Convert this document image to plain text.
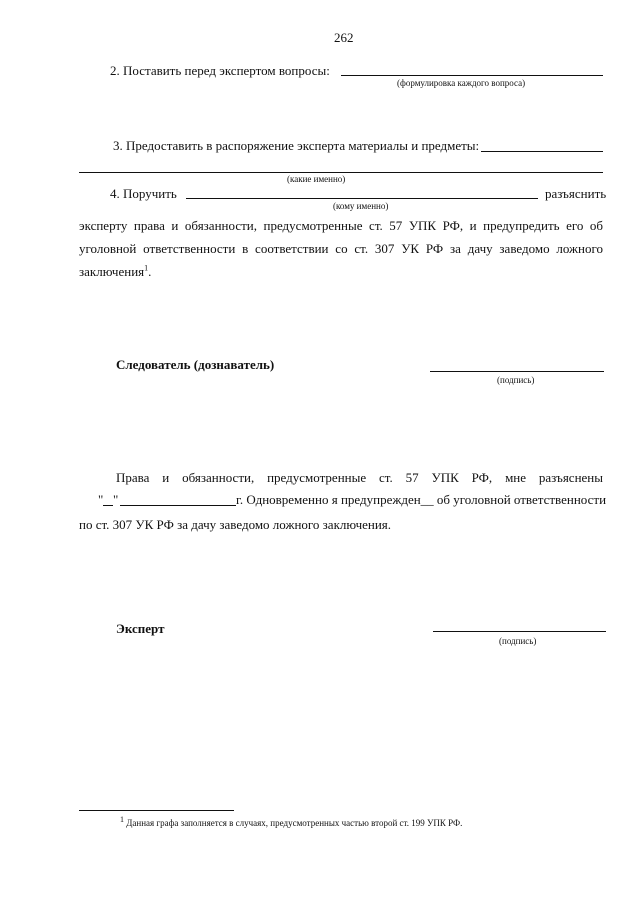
262
2. Поставить перед экспертом вопросы:
(формулировка каждого вопроса)
3. Предоставить в распоряжение эксперта материалы и предметы:
(какие именно)
4. Поручить	разъяснить
(кому именно)
эксперту права и обязанности, предусмотренные ст. 57 УПК РФ, и предупредить его об
уголовной ответственности в соответствии со ст. 307 УК РФ за дачу заведомо ложного
заключения$^1$.
Следователь (дознаватель)
(подпись)
Права и обязанности, предусмотренные ст. 57 УПК РФ, мне разъяснены
" "	г. Одновременно я предупрежден__ об уголовной ответственности
по ст. 307 УК РФ за дачу заведомо ложного заключения.
Эксперт
(подпись)
$^1$ Данная графа заполняется в случаях, предусмотренных частью второй ст. 199 УПК РФ.
